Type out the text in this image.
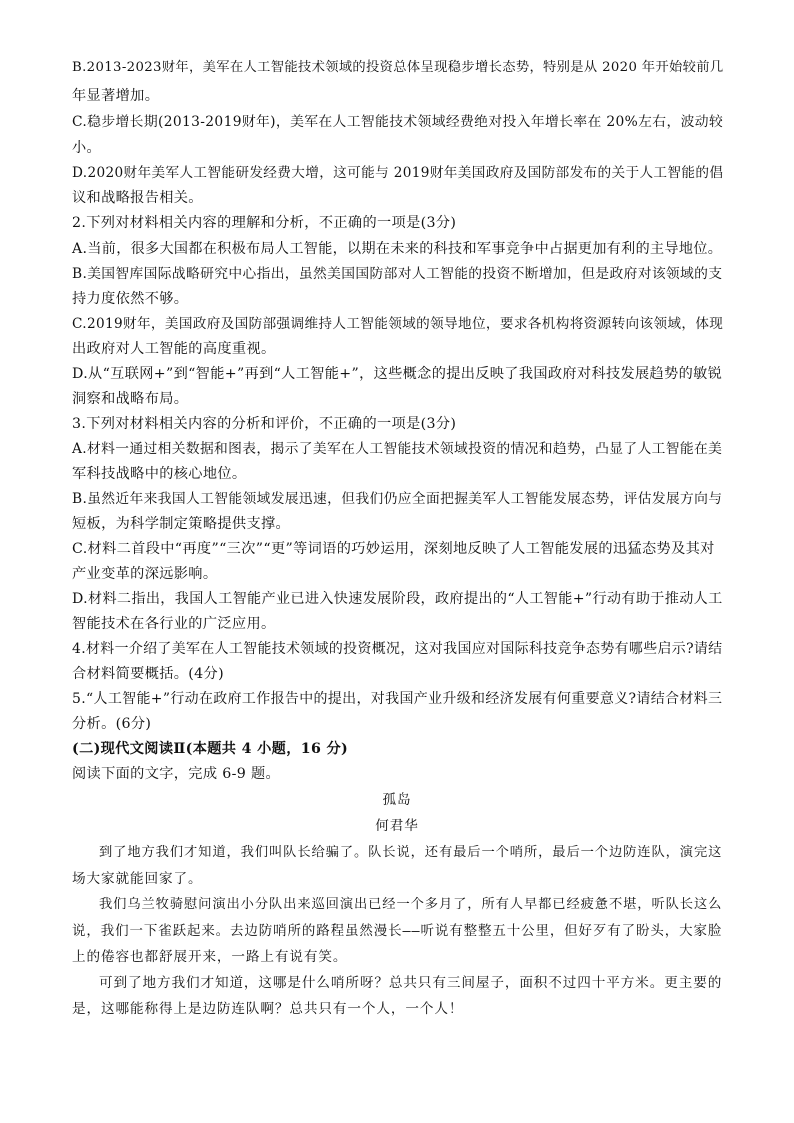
B.2013-2023财年，美军在人工智能技术领域的投资总体呈现稳步增长态势，特别是从 2020 年开始较前几
年显著增加。
C.稳步增长期(2013-2019财年)，美军在人工智能技术领域经费绝对投入年增长率在 20%左右，波动较
小。
D.2020财年美军人工智能研发经费大增，这可能与 2019财年美国政府及国防部发布的关于人工智能的倡
议和战略报告相关。
2.下列对材料相关内容的理解和分析，不正确的一项是(3分)
A.当前，很多大国都在积极布局人工智能，以期在未来的科技和军事竞争中占据更加有利的主导地位。
B.美国智库国际战略研究中心指出，虽然美国国防部对人工智能的投资不断增加，但是政府对该领域的支
持力度依然不够。
C.2019财年，美国政府及国防部强调维持人工智能领域的领导地位，要求各机构将资源转向该领域，体现
出政府对人工智能的高度重视。
D.从“互联网+”到“智能+”再到“人工智能+”，这些概念的提出反映了我国政府对科技发展趋势的敏锐
洞察和战略布局。
3.下列对材料相关内容的分析和评价，不正确的一项是(3分)
A.材料一通过相关数据和图表，揭示了美军在人工智能技术领域投资的情况和趋势，凸显了人工智能在美
军科技战略中的核心地位。
B.虽然近年来我国人工智能领域发展迅速，但我们仍应全面把握美军人工智能发展态势，评估发展方向与
短板，为科学制定策略提供支撑。
C.材料二首段中“再度”“三次”“更”等词语的巧妙运用，深刻地反映了人工智能发展的迅猛态势及其对
产业变革的深远影响。
D.材料二指出，我国人工智能产业已进入快速发展阶段，政府提出的“人工智能+”行动有助于推动人工
智能技术在各行业的广泛应用。
4.材料一介绍了美军在人工智能技术领域的投资概况，这对我国应对国际科技竞争态势有哪些启示?请结
合材料简要概括。(4分)
5.“人工智能+”行动在政府工作报告中的提出，对我国产业升级和经济发展有何重要意义?请结合材料三
分析。(6分)
(二)现代文阅读Ⅱ(本题共 4 小题，16 分)
阅读下面的文字，完成 6-9 题。
孤岛
何君华
到了地方我们才知道，我们叫队长给骗了。队长说，还有最后一个哨所，最后一个边防连队，演完这
场大家就能回家了。
我们乌兰牧骑慰问演出小分队出来巡回演出已经一个多月了，所有人早都已经疲惫不堪，听队长这么
说，我们一下雀跃起来。去边防哨所的路程虽然漫长——听说有整整五十公里，但好歹有了盼头，大家脸
上的倦容也都舒展开来，一路上有说有笑。
可到了地方我们才知道，这哪是什么哨所呀？总共只有三间屋子，面积不过四十平方米。更主要的
是，这哪能称得上是边防连队啊？总共只有一个人，一个人！
